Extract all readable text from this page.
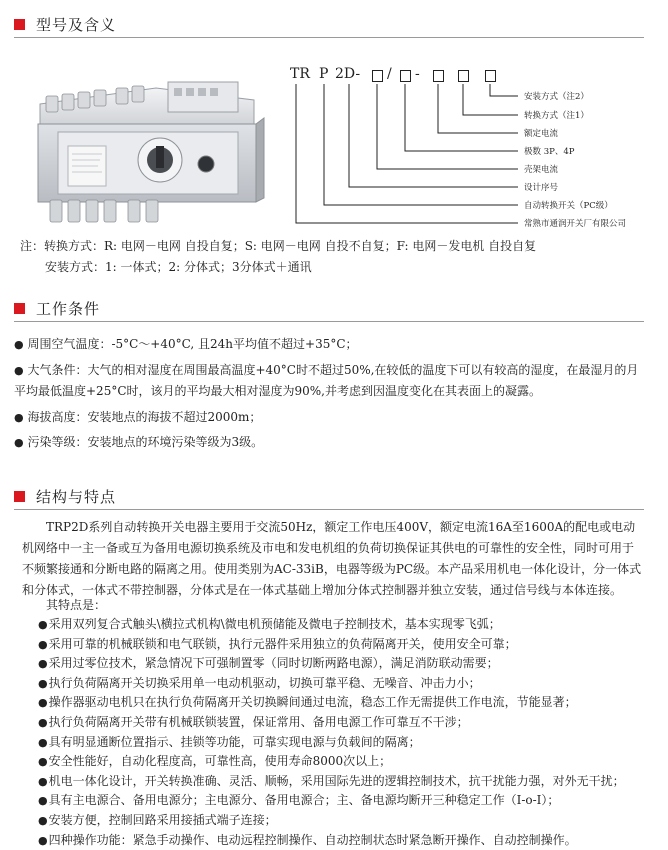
型号及含义
TR P 2D- / -
安装方式（注2）
转换方式（注1）
额定电流
极数 3P、4P
壳架电流
设计序号
自动转换开关（PC级）
常熟市通润开关厂有限公司
注：转换方式：R: 电网－电网 自投自复；S: 电网－电网 自投不自复；F: 电网－发电机 自投自复
安装方式：1: 一体式；2: 分体式；3分体式＋通讯
工作条件
● 周围空气温度：-5°C～+40°C, 且24h平均值不超过+35°C；
● 大气条件：大气的相对湿度在周围最高温度+40°C时不超过50%,在较低的温度下可以有较高的湿度，在最湿月的月平均最低温度+25°C时，该月的平均最大相对湿度为90%,并考虑到因温度变化在其表面上的凝露。
● 海拔高度：安装地点的海拔不超过2000m；
● 污染等级：安装地点的环境污染等级为3级。
结构与特点
TRP2D系列自动转换开关电器主要用于交流50Hz，额定工作电压400V，额定电流16A至1600A的配电或电动机网络中一主一备或互为备用电源切换系统及市电和发电机组的负荷切换保证其供电的可靠性的安全性，同时可用于不频繁接通和分断电路的隔离之用。使用类别为AC-33iB，电器等级为PC级。本产品采用机电一体化设计，分一体式和分体式，一体式不带控制器，分体式是在一体式基础上增加分体式控制器并独立安装，通过信号线与本体连接。
其特点是：
●采用双列复合式触头\横拉式机构\微电机预储能及微电子控制技术，基本实现零飞弧；
●采用可靠的机械联锁和电气联锁，执行元器件采用独立的负荷隔离开关，使用安全可靠；
●采用过零位技术，紧急情况下可强制置零（同时切断两路电源），满足消防联动需要；
●执行负荷隔离开关切换采用单一电动机驱动，切换可靠平稳、无噪音、冲击力小；
●操作器驱动电机只在执行负荷隔离开关切换瞬间通过电流，稳态工作无需提供工作电流，节能显著；
●执行负荷隔离开关带有机械联锁装置，保证常用、备用电源工作可靠互不干涉；
●具有明显通断位置指示、挂锁等功能，可靠实现电源与负载间的隔离；
●安全性能好，自动化程度高，可靠性高，使用寿命8000次以上；
●机电一体化设计，开关转换准确、灵活、顺畅，采用国际先进的逻辑控制技术，抗干扰能力强，对外无干扰；
●具有主电源合、备用电源分；主电源分、备用电源合；主、备电源均断开三种稳定工作（I-o-I）；
●安装方便，控制回路采用接插式端子连接；
●四种操作功能：紧急手动操作、电动远程控制操作、自动控制状态时紧急断开操作、自动控制操作。
